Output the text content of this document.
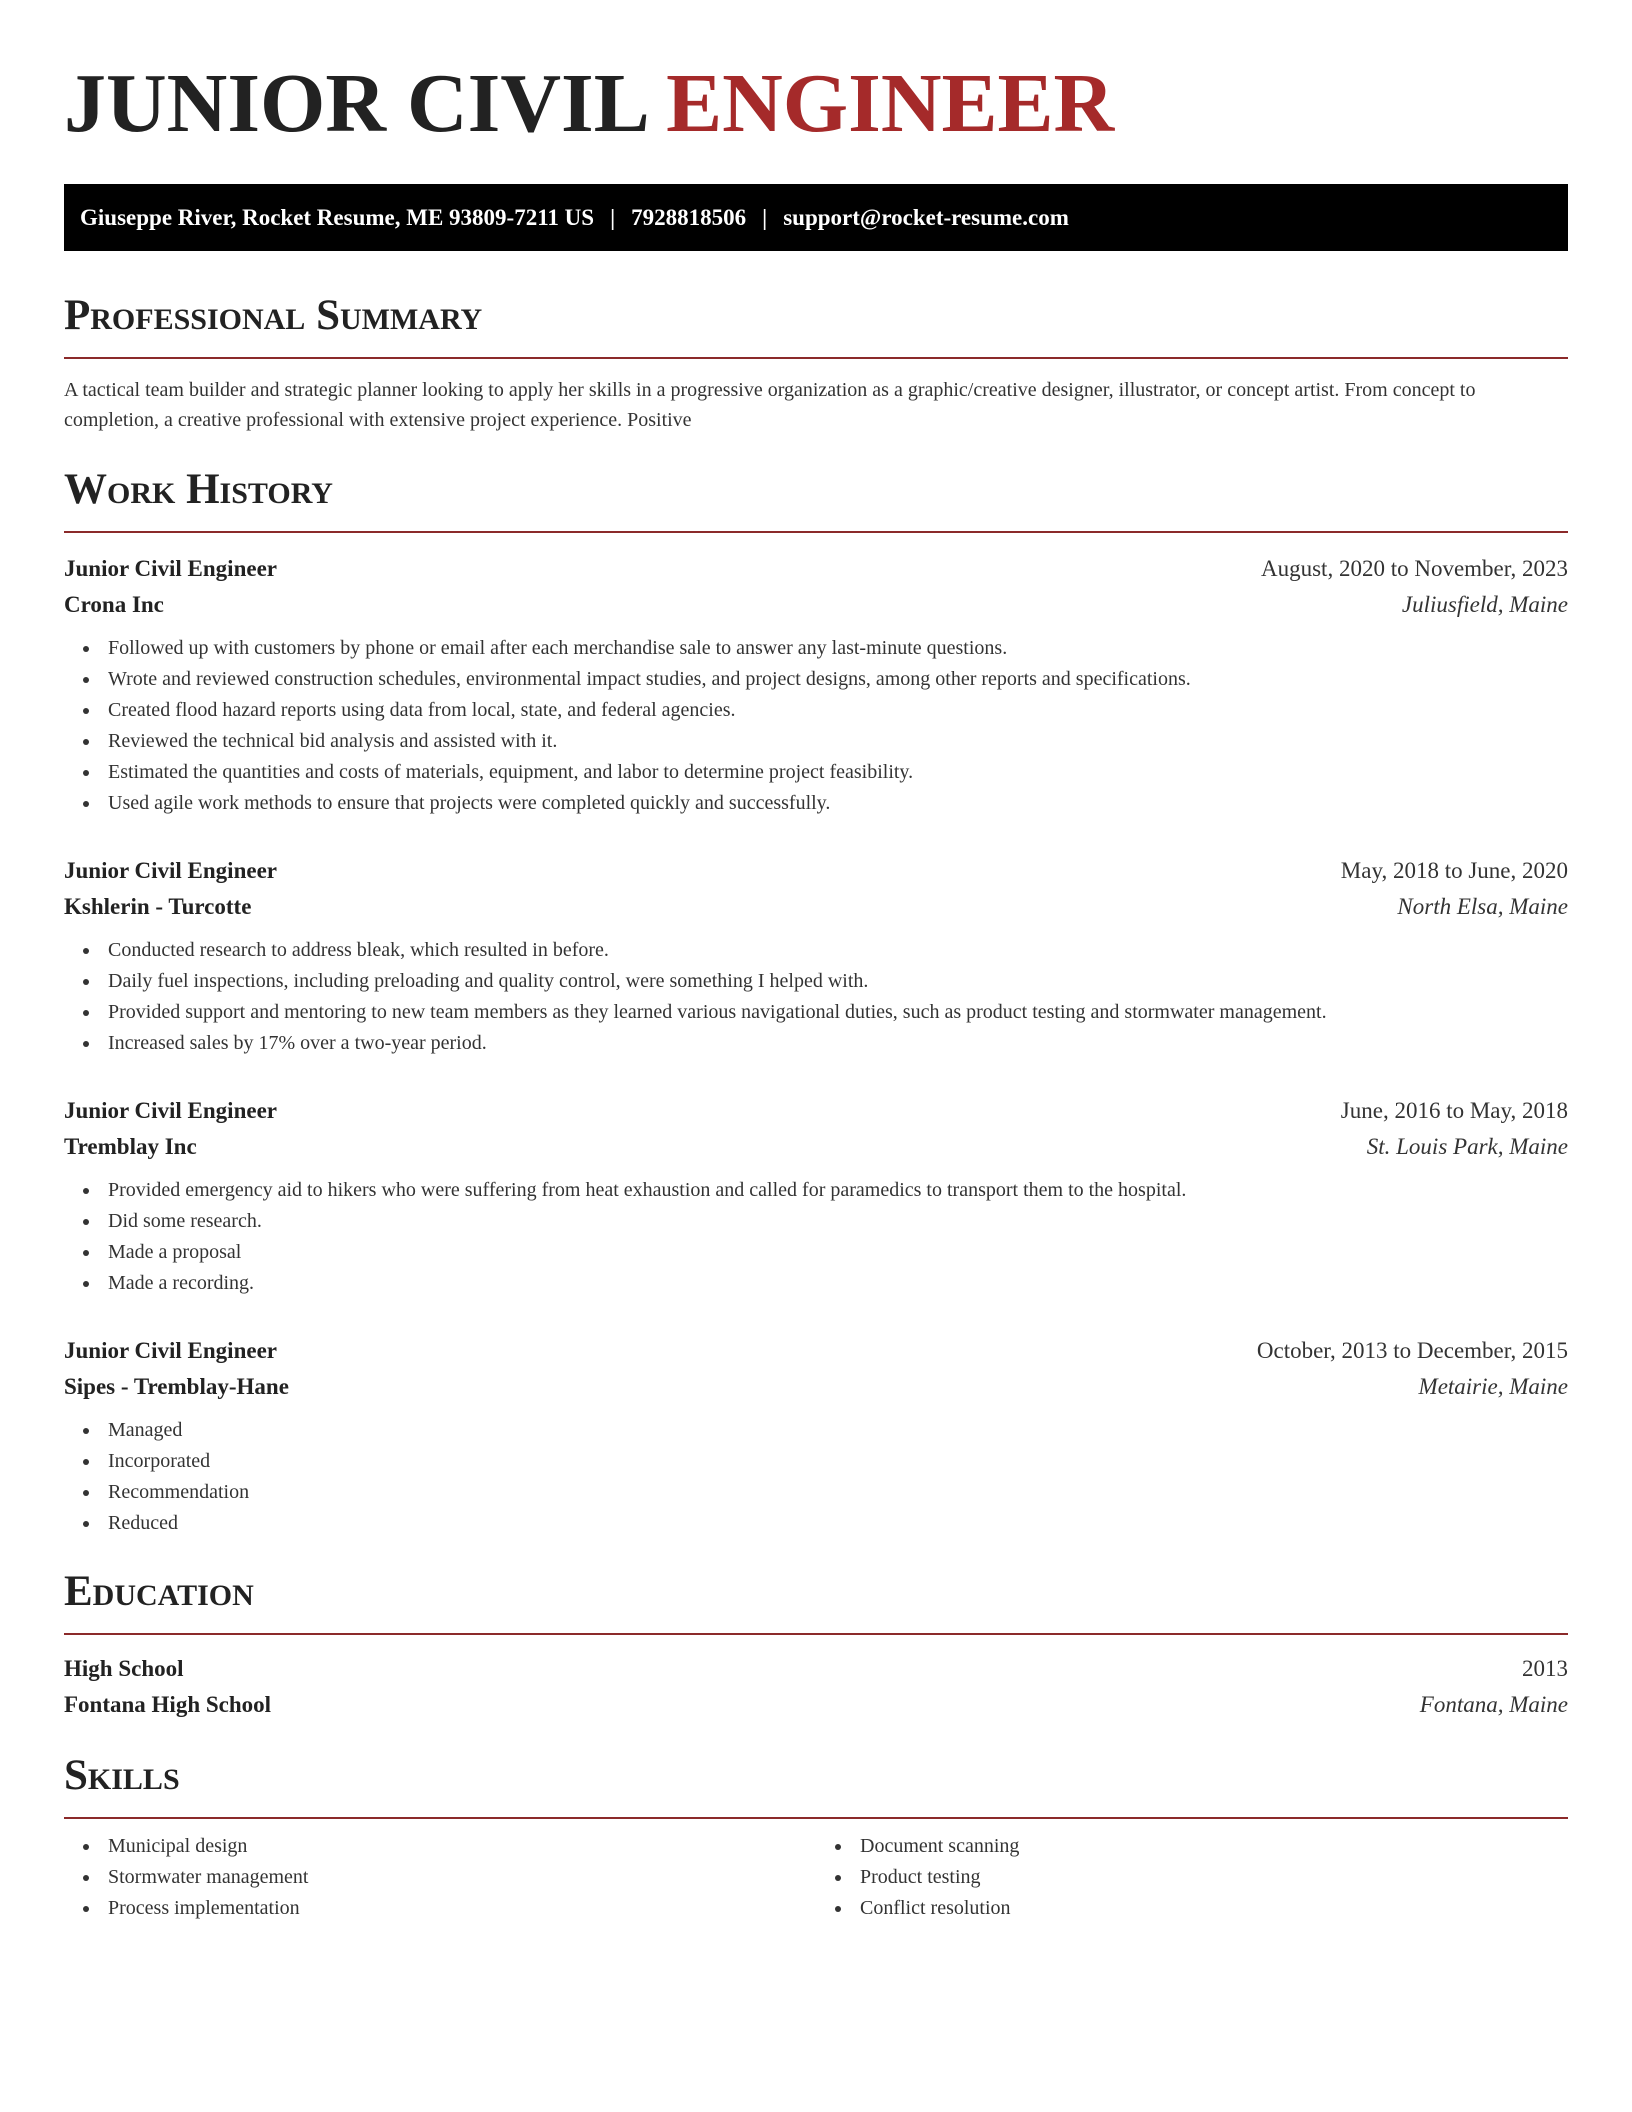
JUNIOR CIVIL ENGINEER
Giuseppe River, Rocket Resume, ME 93809-7211 US | 7928818506 | support@rocket-resume.com
Professional Summary

A tactical team builder and strategic planner looking to apply her skills in a progressive organization as a graphic/creative designer, illustrator, or concept artist. From concept to completion, a creative professional with extensive project experience. Positive

Work History
Junior Civil Engineer	August, 2020 to November, 2023
Crona Inc	Juliusfield, Maine
Followed up with customers by phone or email after each merchandise sale to answer any last-minute questions.
Wrote and reviewed construction schedules, environmental impact studies, and project designs, among other reports and specifications.
Created flood hazard reports using data from local, state, and federal agencies.
Reviewed the technical bid analysis and assisted with it.
Estimated the quantities and costs of materials, equipment, and labor to determine project feasibility.
Used agile work methods to ensure that projects were completed quickly and successfully.
Junior Civil Engineer	May, 2018 to June, 2020
Kshlerin - Turcotte	North Elsa, Maine
Conducted research to address bleak, which resulted in before.
Daily fuel inspections, including preloading and quality control, were something I helped with.
Provided support and mentoring to new team members as they learned various navigational duties, such as product testing and stormwater management.
Increased sales by 17% over a two-year period.
Junior Civil Engineer	June, 2016 to May, 2018
Tremblay Inc	St. Louis Park, Maine
Provided emergency aid to hikers who were suffering from heat exhaustion and called for paramedics to transport them to the hospital.
Did some research.
Made a proposal
Made a recording.
Junior Civil Engineer	October, 2013 to December, 2015
Sipes - Tremblay-Hane	Metairie, Maine
Managed
Incorporated
Recommendation
Reduced
Education
High School	2013
Fontana High School	Fontana, Maine
Skills
Municipal design
Stormwater management
Process implementation
Document scanning
Product testing
Conflict resolution
